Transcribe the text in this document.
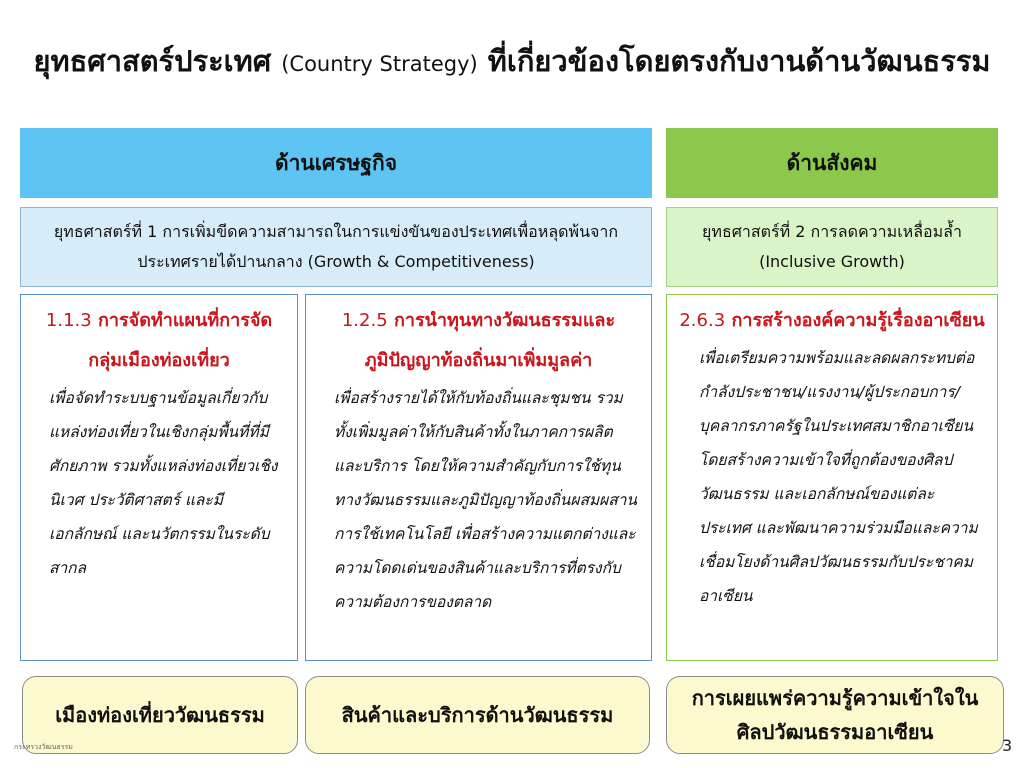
ยุทธศาสตร์ประเทศ (Country Strategy) ที่เกี่ยวข้องโดยตรงกับงานด้านวัฒนธรรม
ด้านเศรษฐกิจ	ด้านสังคม
ยุทธศาสตร์ที่ 1 การเพิ่มขีดความสามารถในการแข่งขันของประเทศเพื่อหลุดพ้นจากประเทศรายได้ปานกลาง (Growth & Competitiveness)
ยุทธศาสตร์ที่ 2 การลดความเหลื่อมล้ำ (Inclusive Growth)
1.1.3 การจัดทำแผนที่การจัดกลุ่มเมืองท่องเที่ยว
เพื่อจัดทำระบบฐานข้อมูลเกี่ยวกับแหล่งท่องเที่ยวในเชิงกลุ่มพื้นที่ที่มีศักยภาพ รวมทั้งแหล่งท่องเที่ยวเชิงนิเวศ ประวัติศาสตร์ และมีเอกลักษณ์ และนวัตกรรมในระดับสากล
1.2.5 การนำทุนทางวัฒนธรรมและภูมิปัญญาท้องถิ่นมาเพิ่มมูลค่า
เพื่อสร้างรายได้ให้กับท้องถิ่นและชุมชน รวมทั้งเพิ่มมูลค่าให้กับสินค้าทั้งในภาคการผลิตและบริการ โดยให้ความสำคัญกับการใช้ทุนทางวัฒนธรรมและภูมิปัญญาท้องถิ่นผสมผสานการใช้เทคโนโลยี เพื่อสร้างความแตกต่างและความโดดเด่นของสินค้าและบริการที่ตรงกับความต้องการของตลาด
2.6.3 การสร้างองค์ความรู้เรื่องอาเซียน
เพื่อเตรียมความพร้อมและลดผลกระทบต่อกำลังประชาชน/แรงงาน/ผู้ประกอบการ/บุคลากรภาครัฐในประเทศสมาชิกอาเซียน โดยสร้างความเข้าใจที่ถูกต้องของศิลปวัฒนธรรม และเอกลักษณ์ของแต่ละประเทศ และพัฒนาความร่วมมือและความเชื่อมโยงด้านศิลปวัฒนธรรมกับประชาคมอาเซียน
เมืองท่องเที่ยววัฒนธรรม	สินค้าและบริการด้านวัฒนธรรม
การเผยแพร่ความรู้ความเข้าใจในศิลปวัฒนธรรมอาเซียน
กระทรวงวัฒนธรรม	3
